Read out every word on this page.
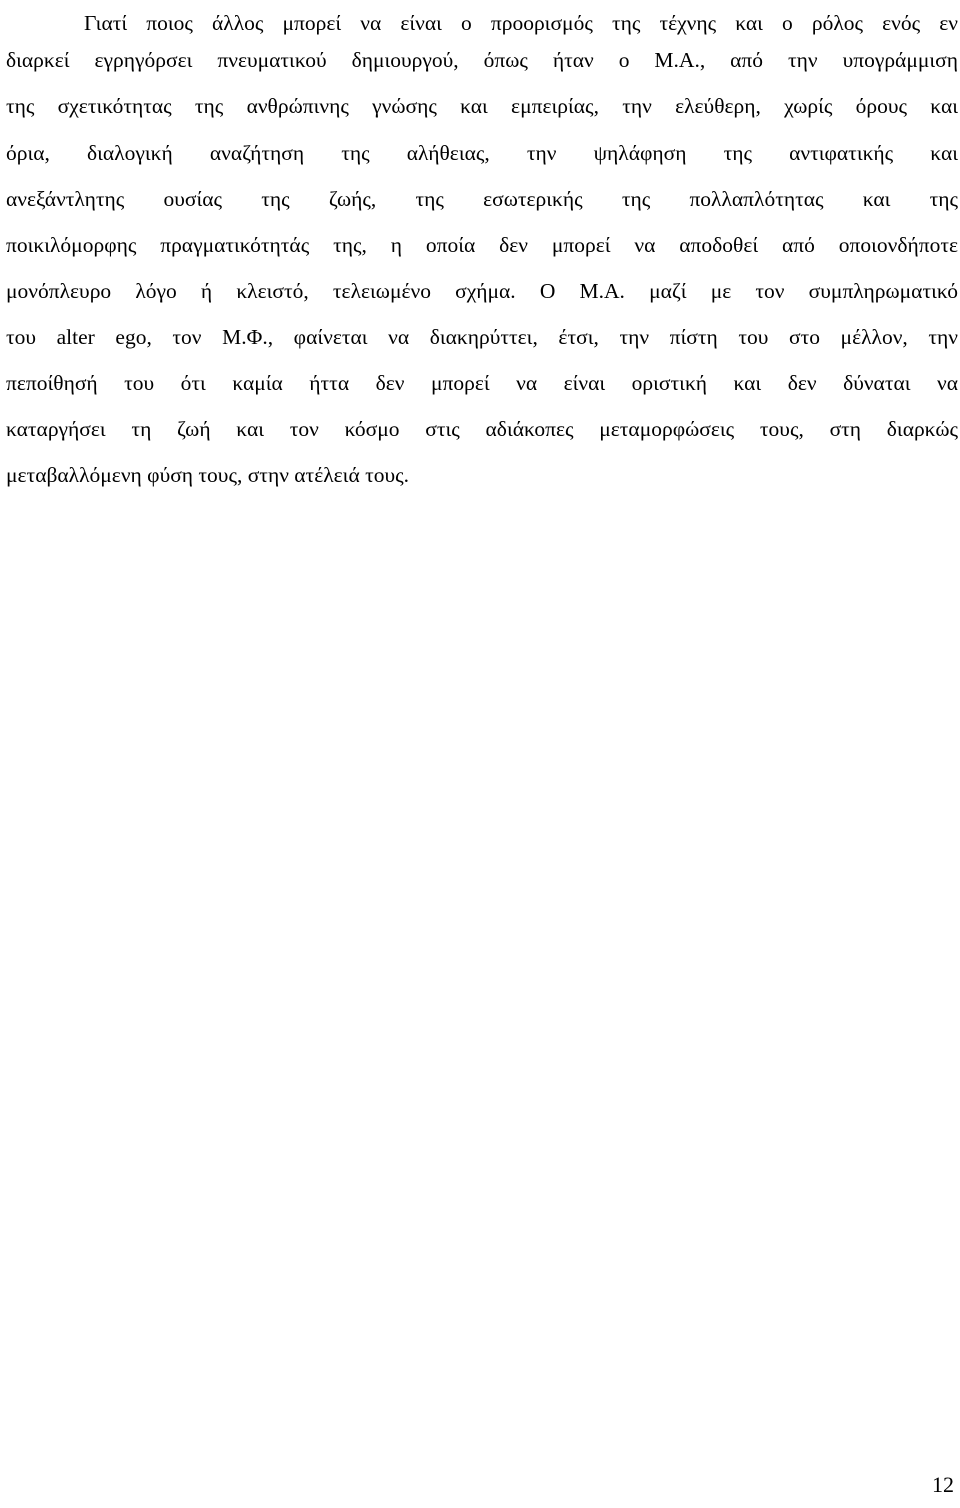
Γιατί ποιος άλλος μπορεί να είναι ο προορισμός της τέχνης και ο ρόλος ενός εν
διαρκεί εγρηγόρσει πνευματικού δημιουργού, όπως ήταν ο Μ.Α., από την υπογράμμιση
της σχετικότητας της ανθρώπινης γνώσης και εμπειρίας, την ελεύθερη, χωρίς όρους και
όρια, διαλογική αναζήτηση της αλήθειας, την ψηλάφηση της αντιφατικής και
ανεξάντλητης ουσίας της ζωής, της εσωτερικής της πολλαπλότητας και της
ποικιλόμορφης πραγματικότητάς της, η οποία δεν μπορεί να αποδοθεί από οποιονδήποτε
μονόπλευρο λόγο ή κλειστό, τελειωμένο σχήμα. Ο Μ.Α. μαζί με τον συμπληρωματικό
του alter ego, τον Μ.Φ., φαίνεται να διακηρύττει, έτσι, την πίστη του στο μέλλον, την
πεποίθησή του ότι καμία ήττα δεν μπορεί να είναι οριστική και δεν δύναται να
καταργήσει τη ζωή και τον κόσμο στις αδιάκοπες μεταμορφώσεις τους, στη διαρκώς
μεταβαλλόμενη φύση τους, στην ατέλειά τους.
12
